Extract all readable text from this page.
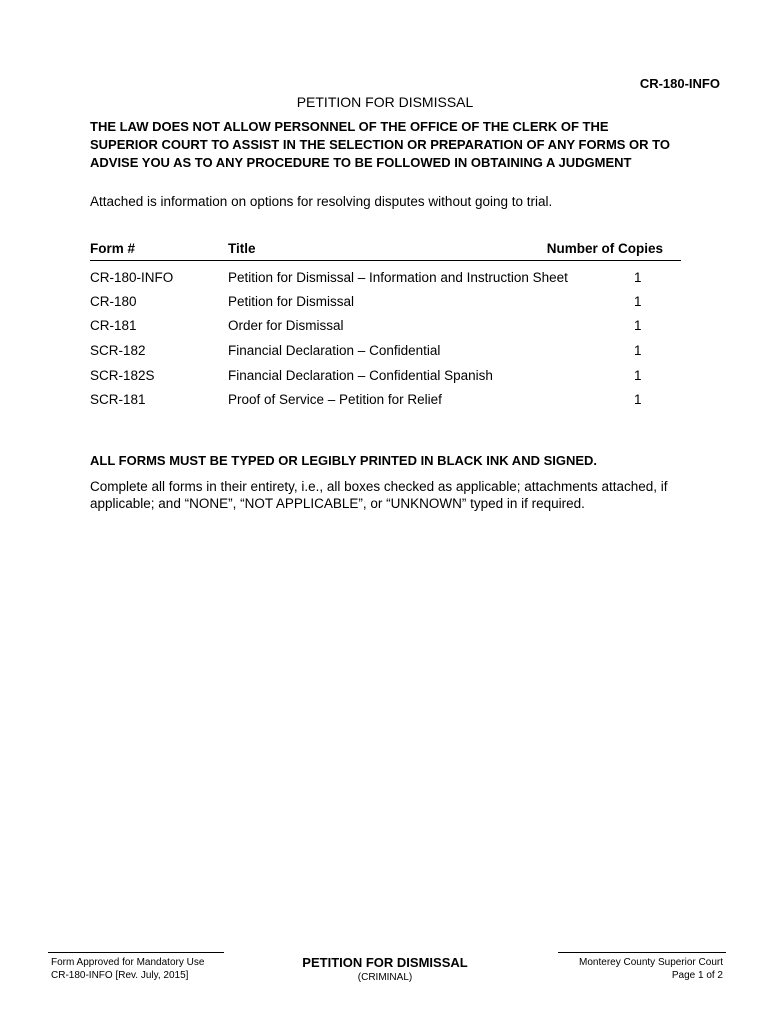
CR-180-INFO
PETITION FOR DISMISSAL
THE LAW DOES NOT ALLOW PERSONNEL OF THE OFFICE OF THE CLERK OF THE SUPERIOR COURT TO ASSIST IN THE SELECTION OR PREPARATION OF ANY FORMS OR TO ADVISE YOU AS TO ANY PROCEDURE TO BE FOLLOWED IN OBTAINING A JUDGMENT
Attached is information on options for resolving disputes without going to trial.
Form #	Title	Number of Copies
CR-180-INFO	Petition for Dismissal – Information and Instruction Sheet	1
CR-180	Petition for Dismissal	1
CR-181	Order for Dismissal	1
SCR-182	Financial Declaration – Confidential	1
SCR-182S	Financial Declaration – Confidential Spanish	1
SCR-181	Proof of Service – Petition for Relief	1
ALL FORMS MUST BE TYPED OR LEGIBLY PRINTED IN BLACK INK AND SIGNED.
Complete all forms in their entirety, i.e., all boxes checked as applicable; attachments attached, if applicable; and “NONE”, “NOT APPLICABLE”, or “UNKNOWN” typed in if required.
Form Approved for Mandatory Use
CR-180-INFO [Rev. July, 2015]
PETITION FOR DISMISSAL
(CRIMINAL)
Monterey County Superior Court
Page 1 of 2
